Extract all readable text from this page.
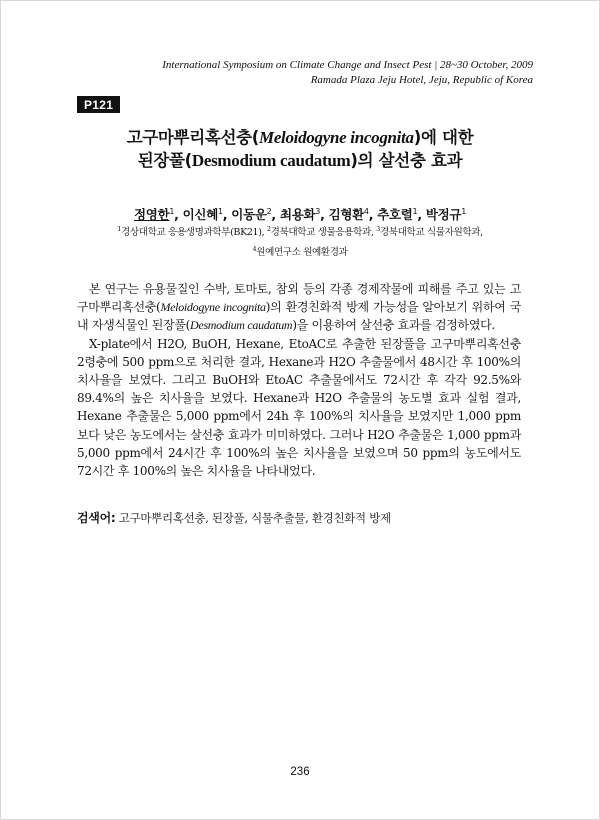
International Symposium on Climate Change and Insect Pest | 28~30 October, 2009
Ramada Plaza Jeju Hotel, Jeju, Republic of Korea
P121
고구마뿌리혹선충(Meloidogyne incognita)에 대한
된장풀(Desmodium caudatum)의 살선충 효과
정영한$^1$, 이신혜$^1$, 이동운$^2$, 최용화$^3$, 김형환$^4$, 추호렬$^1$, 박정규$^1$
$^1$경상대학교 응용생명과학부(BK21), $^2$경북대학교 생물응용학과, $^3$경북대학교 식물자원학과,
$^4$원예연구소 원예환경과

본 연구는 유용물질인 수박, 토마토, 참외 등의 각종 경제작물에 피해를 주고 있는 고구마뿌리혹선충(Meloidogyne incognita)의 환경친화적 방제 가능성을 알아보기 위하여 국내 자생식물인 된장풀(Desmodium caudatum)을 이용하여 살선충 효과를 검정하였다.

X-plate에서 H2O, BuOH, Hexane, EtoAC로 추출한 된장풀을 고구마뿌리혹선충 2령충에 500 ppm으로 처리한 결과, Hexane과 H2O 추출물에서 48시간 후 100%의 치사율을 보였다. 그리고 BuOH와 EtoAC 추출물에서도 72시간 후 각각 92.5%와 89.4%의 높은 치사율을 보였다. Hexane과 H2O 추출물의 농도별 효과 실험 결과, Hexane 추출물은 5,000 ppm에서 24h 후 100%의 치사율을 보였지만 1,000 ppm보다 낮은 농도에서는 살선충 효과가 미미하였다. 그러나 H2O 추출물은 1,000 ppm과 5,000 ppm에서 24시간 후 100%의 높은 치사율을 보였으며 50 ppm의 농도에서도 72시간 후 100%의 높은 치사율을 나타내었다.

검색어: 고구마뿌리혹선충, 된장풀, 식물추출물, 환경친화적 방제
236
